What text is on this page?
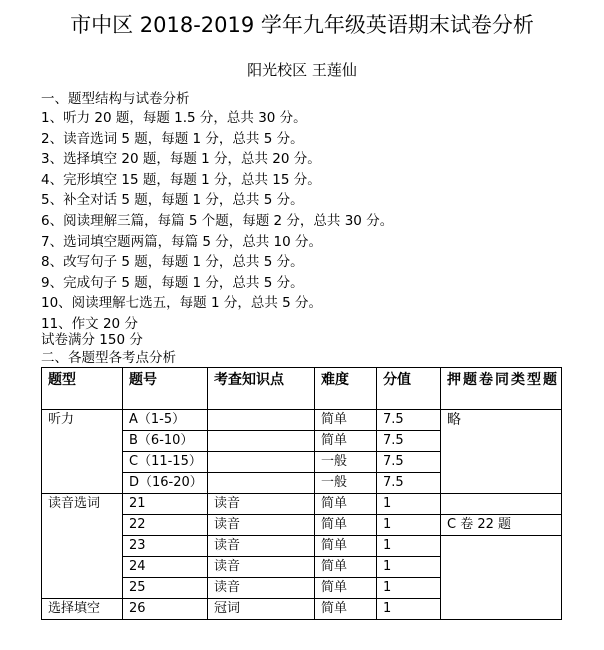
市中区 2018-2019 学年九年级英语期末试卷分析
阳光校区 王莲仙
一、题型结构与试卷分析
1、听力 20 题，每题 1.5 分，总共 30 分。
2、读音选词 5 题，每题 1 分，总共 5 分。
3、选择填空 20 题，每题 1 分，总共 20 分。
4、完形填空 15 题，每题 1 分，总共 15 分。
5、补全对话 5 题，每题 1 分，总共 5 分。
6、阅读理解三篇，每篇 5 个题，每题 2 分，总共 30 分。
7、选词填空题两篇，每篇 5 分，总共 10 分。
8、改写句子 5 题，每题 1 分，总共 5 分。
9、完成句子 5 题，每题 1 分，总共 5 分。
10、阅读理解七选五，每题 1 分，总共 5 分。
11、作文 20 分
试卷满分 150 分
二、各题型各考点分析
题型	题号	考查知识点	难度	分值	押题卷同类型题
听力	A（1-5）		简单	7.5	略
	B（6-10）		简单	7.5	
	C（11-15）		一般	7.5	
	D（16-20）		一般	7.5	
读音选词	21	读音	简单	1	
	22	读音	简单	1	C 卷 22 题
	23	读音	简单	1	
	24	读音	简单	1	
	25	读音	简单	1	
选择填空	26	冠词	简单	1	
